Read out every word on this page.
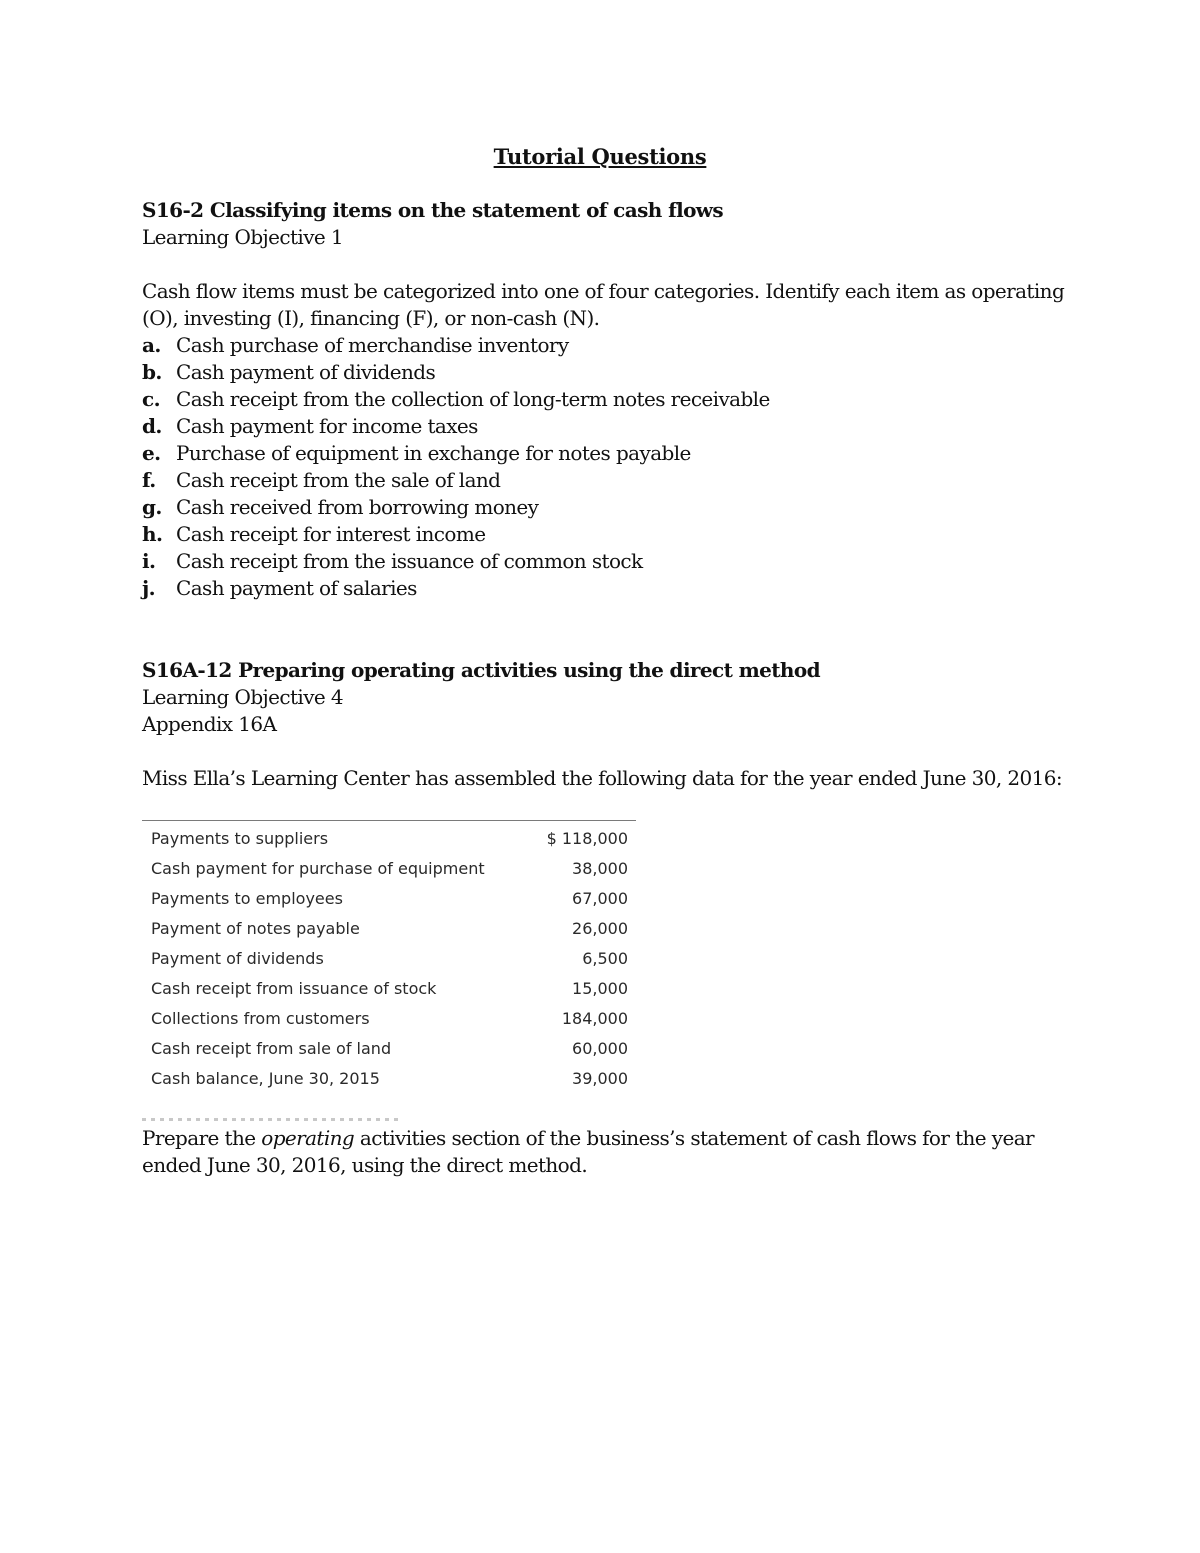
Tutorial Questions
S16-2 Classifying items on the statement of cash flows
Learning Objective 1
Cash flow items must be categorized into one of four categories. Identify each item as operating
(O), investing (I), financing (F), or non-cash (N).
a. Cash purchase of merchandise inventory
b. Cash payment of dividends
c. Cash receipt from the collection of long-term notes receivable
d. Cash payment for income taxes
e. Purchase of equipment in exchange for notes payable
f.	Cash receipt from the sale of land
g. Cash received from borrowing money
h. Cash receipt for interest income
i.	Cash receipt from the issuance of common stock
j.	Cash payment of salaries
S16A-12 Preparing operating activities using the direct method
Learning Objective 4
Appendix 16A
Miss Ella’s Learning Center has assembled the following data for the year ended June 30, 2016:
Payments to suppliers	$ 118,000
Cash payment for purchase of equipment	38,000
Payments to employees	67,000
Payment of notes payable	26,000
Payment of dividends	6,500
Cash receipt from issuance of stock	15,000
Collections from customers	184,000
Cash receipt from sale of land	60,000
Cash balance, June 30, 2015	39,000
Prepare the operating activities section of the business’s statement of cash flows for the year
ended June 30, 2016, using the direct method.
